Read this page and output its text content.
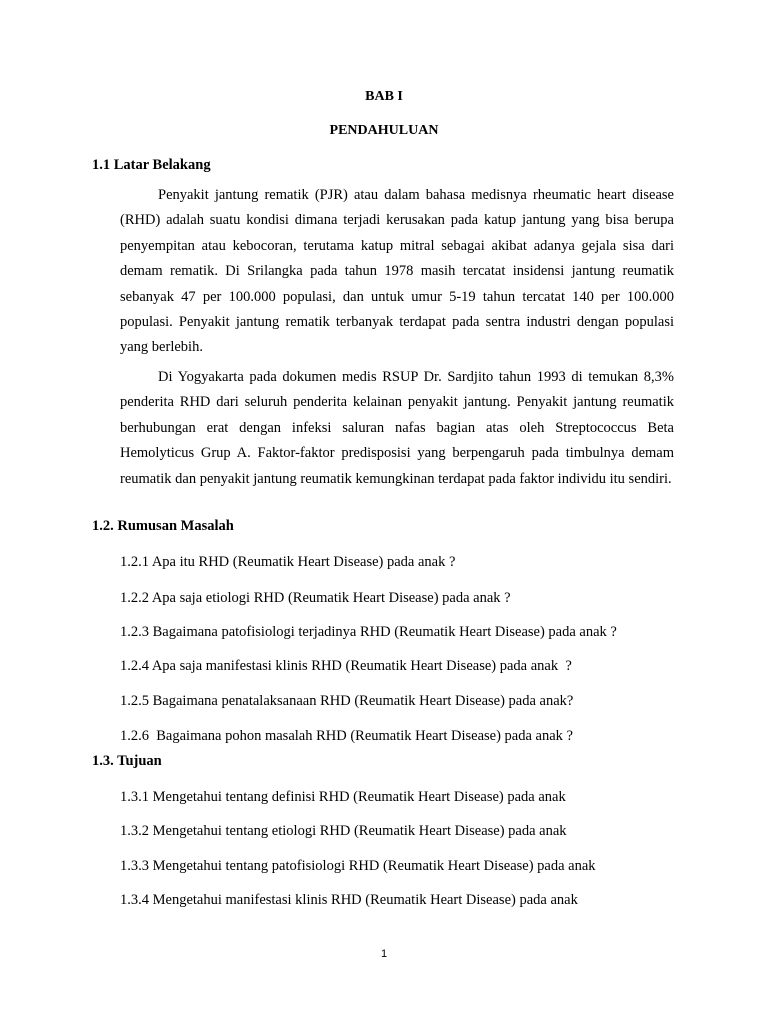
BAB I
PENDAHULUAN
1.1 Latar Belakang

Penyakit jantung rematik (PJR) atau dalam bahasa medisnya rheumatic heart disease (RHD) adalah suatu kondisi dimana terjadi kerusakan pada katup jantung yang bisa berupa penyempitan atau kebocoran, terutama katup mitral sebagai akibat adanya gejala sisa dari demam rematik. Di Srilangka pada tahun 1978 masih tercatat insidensi jantung reumatik sebanyak 47 per 100.000 populasi, dan untuk umur 5-19 tahun tercatat 140 per 100.000 populasi. Penyakit jantung rematik terbanyak terdapat pada sentra industri dengan populasi yang berlebih.

Di Yogyakarta pada dokumen medis RSUP Dr. Sardjito tahun 1993 di temukan 8,3% penderita RHD dari seluruh penderita kelainan penyakit jantung. Penyakit jantung reumatik berhubungan erat dengan infeksi saluran nafas bagian atas oleh Streptococcus Beta Hemolyticus Grup A. Faktor-faktor predisposisi yang berpengaruh pada timbulnya demam reumatik dan penyakit jantung reumatik kemungkinan terdapat pada faktor individu itu sendiri.

1.2. Rumusan Masalah
1.2.1 Apa itu RHD (Reumatik Heart Disease) pada anak ?
1.2.2 Apa saja etiologi RHD (Reumatik Heart Disease) pada anak ?
1.2.3 Bagaimana patofisiologi terjadinya RHD (Reumatik Heart Disease) pada anak ?
1.2.4 Apa saja manifestasi klinis RHD (Reumatik Heart Disease) pada anak  ?
1.2.5 Bagaimana penatalaksanaan RHD (Reumatik Heart Disease) pada anak?
1.2.6  Bagaimana pohon masalah RHD (Reumatik Heart Disease) pada anak ?
1.3. Tujuan
1.3.1 Mengetahui tentang definisi RHD (Reumatik Heart Disease) pada anak
1.3.2 Mengetahui tentang etiologi RHD (Reumatik Heart Disease) pada anak
1.3.3 Mengetahui tentang patofisiologi RHD (Reumatik Heart Disease) pada anak
1.3.4 Mengetahui manifestasi klinis RHD (Reumatik Heart Disease) pada anak
1
